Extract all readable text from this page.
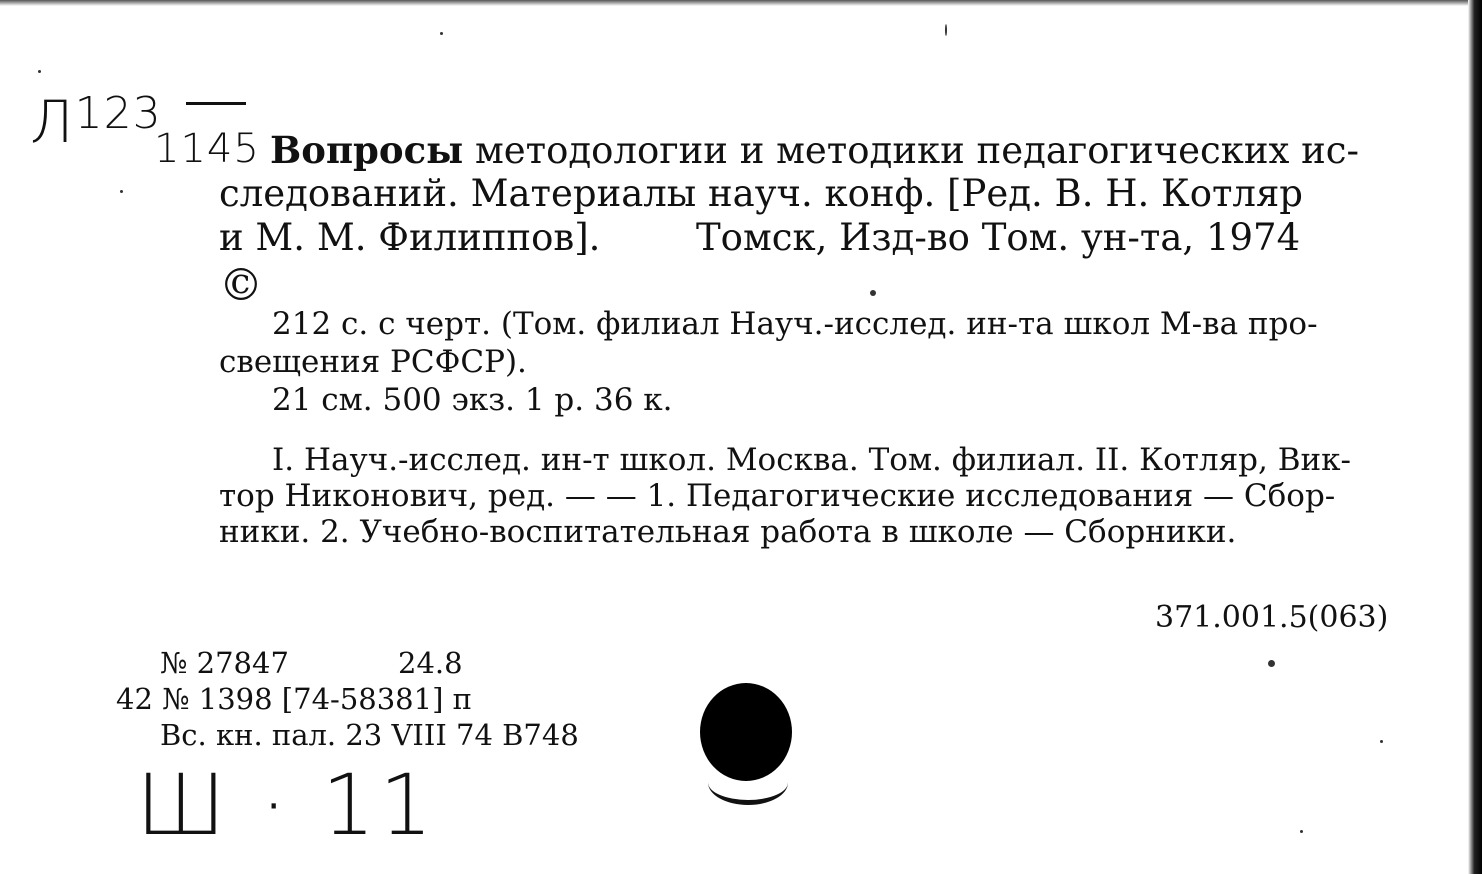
$Л^{123}$
1145 Вопросы методологии и методики педагогических ис-
следований. Материалы науч. конф. [Ред. В. Н. Котляр
и М. М. Филиппов].	Томск, Изд-во Том. ун-та, 1974
©
212 с. с черт. (Том. филиал Науч.-исслед. ин-та школ М-ва про-
свещения РСФСР).
21 см. 500 экз. 1 р. 36 к.
I. Науч.-исслед. ин-т школ. Москва. Том. филиал. II. Котляр, Вик-
тор Никонович, ред. — — 1. Педагогические исследования — Сбор-
ники. 2. Учебно-воспитательная работа в школе — Сборники.
371.001.5(063)
№ 27847	24.8
42 № 1398 [74-58381] п
Вс. кн. пал. 23 VIII 74 В748
Ш · 11
